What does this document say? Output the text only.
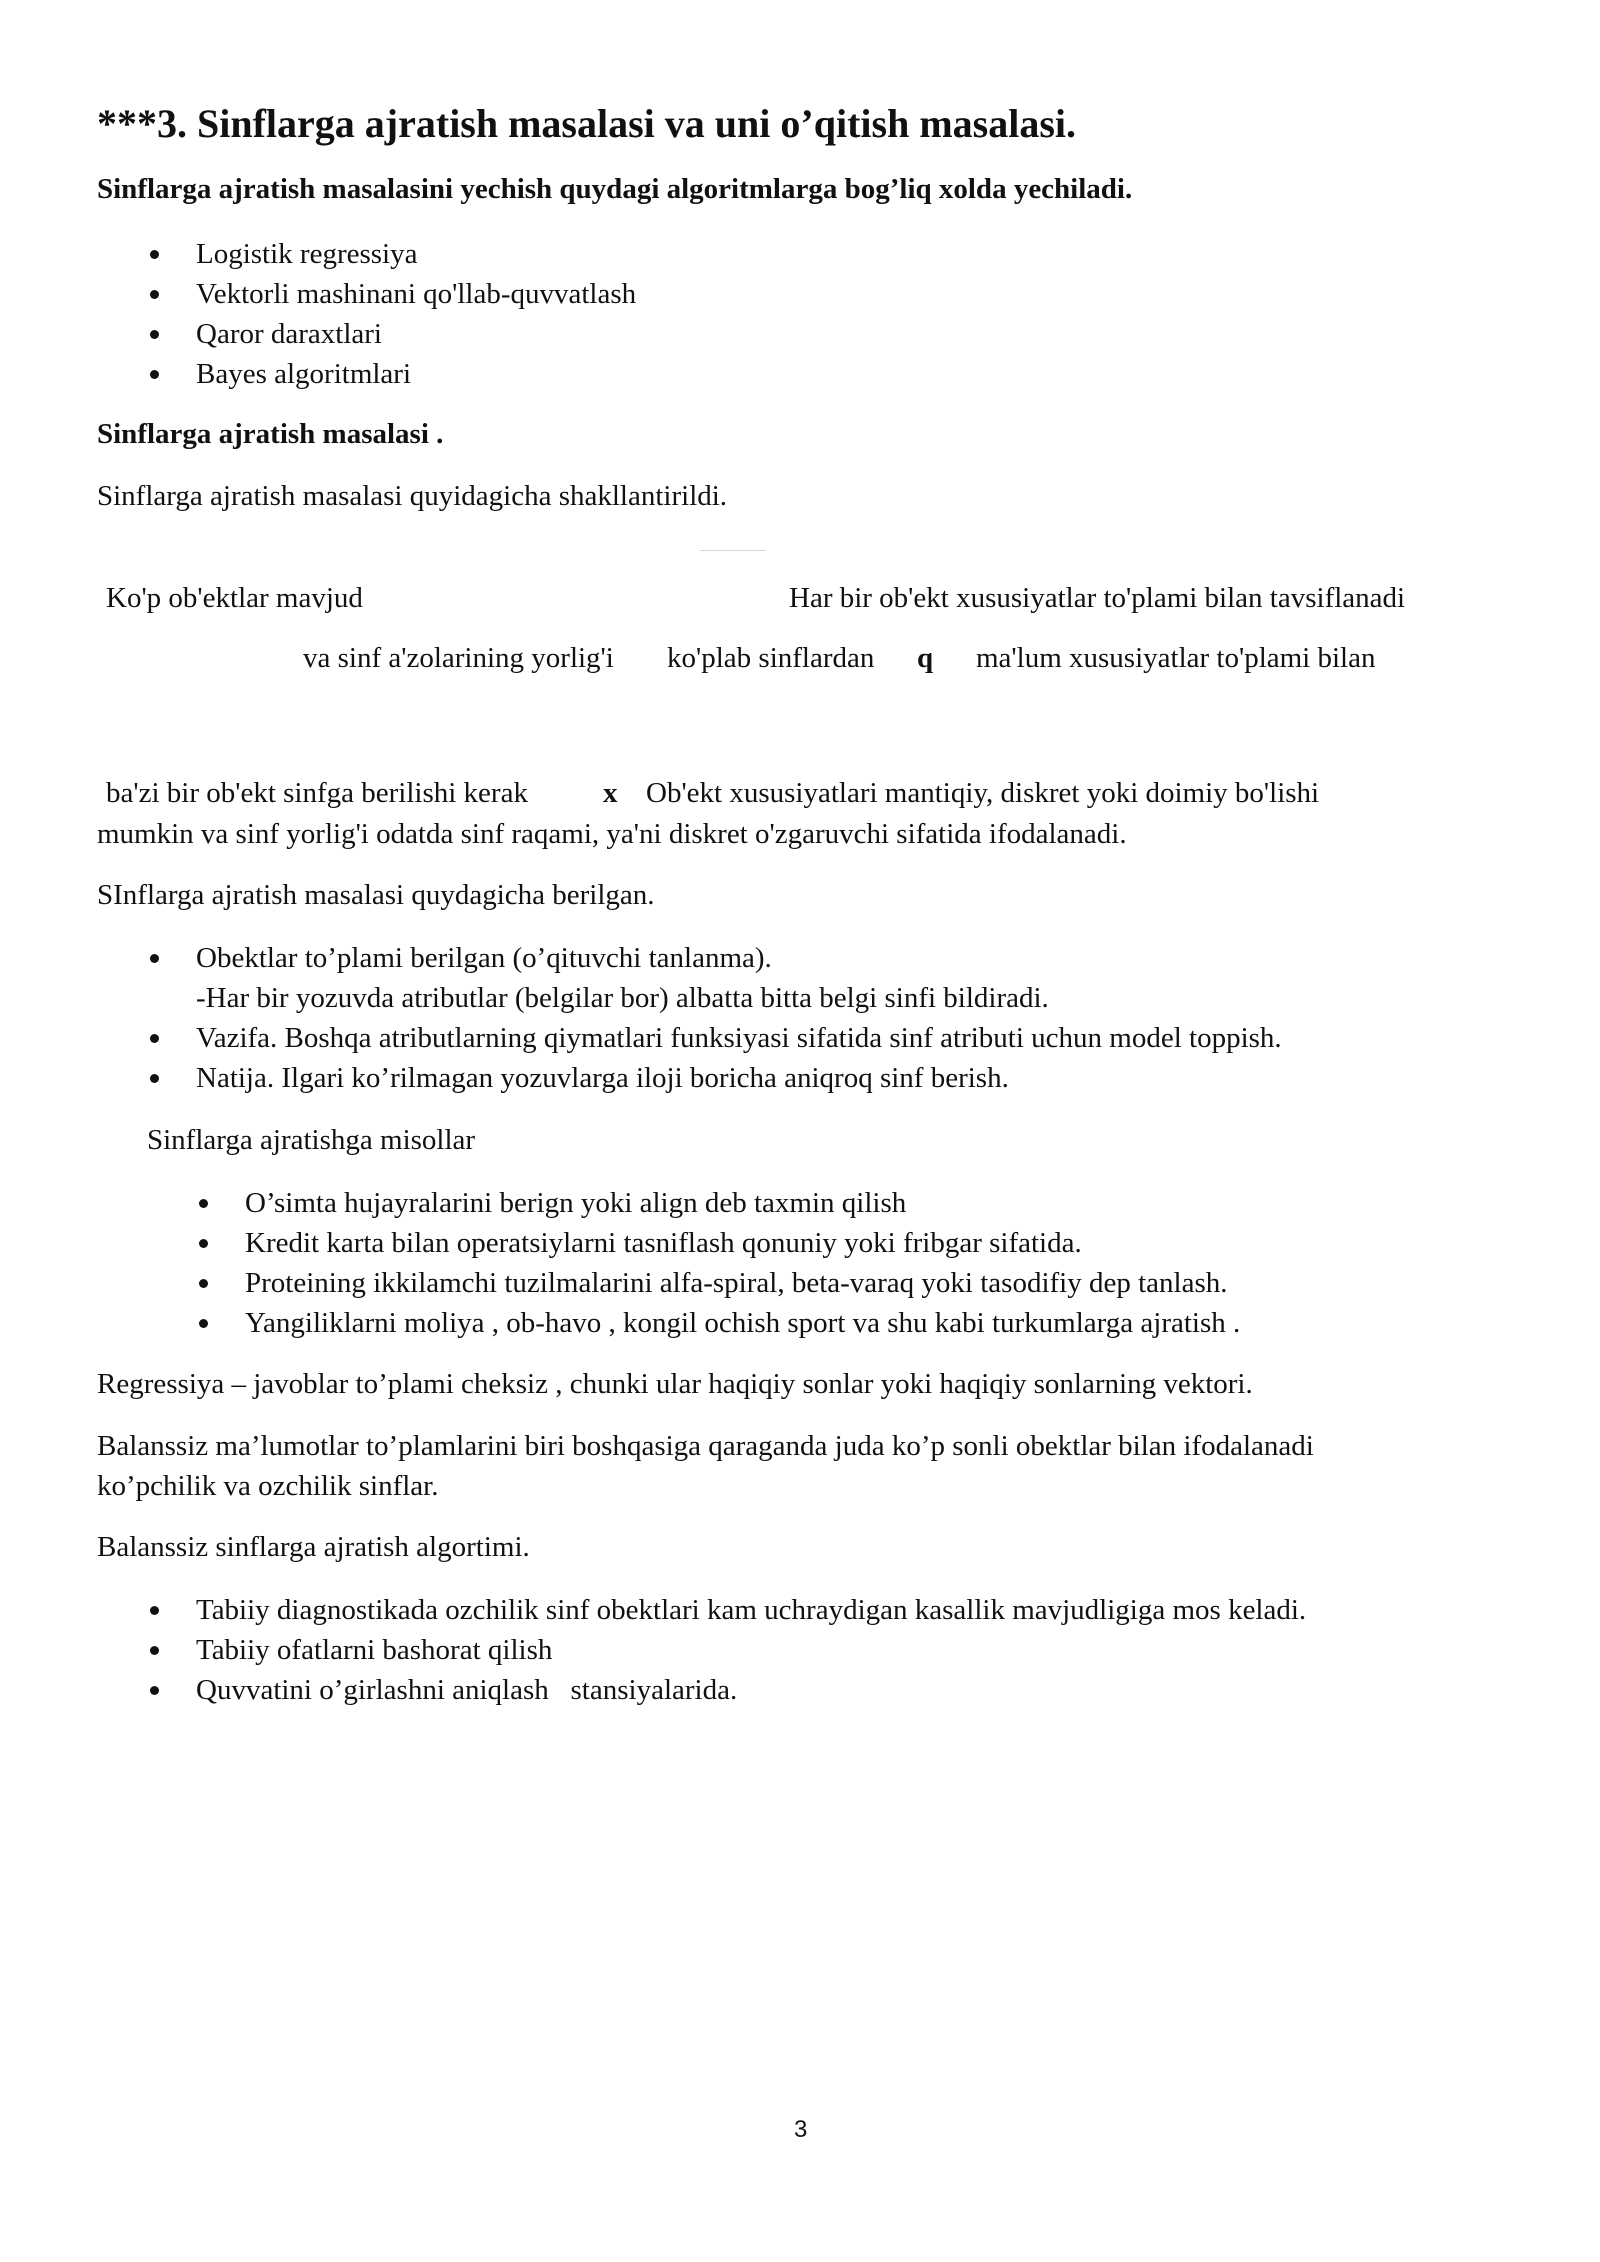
***3. Sinflarga ajratish masalasi va uni o’qitish masalasi.
Sinflarga ajratish masalasini yechish quydagi algoritmlarga bog’liq xolda yechiladi.
Logistik regressiya
Vektorli mashinani qo'llab-quvvatlash
Qaror daraxtlari
Bayes algoritmlari
Sinflarga ajratish masalasi .
Sinflarga ajratish masalasi quyidagicha shakllantirildi.
Ko'p ob'ektlar mavjud	Har bir ob'ekt xususiyatlar to'plami bilan tavsiflanadi
va sinf a'zolarining yorlig'i ko'plab sinflardan q ma'lum xususiyatlar to'plami bilan
ba'zi bir ob'ekt sinfga berilishi kerak	x Ob'ekt xususiyatlari mantiqiy, diskret yoki doimiy bo'lishi
mumkin va sinf yorlig'i odatda sinf raqami, ya'ni diskret o'zgaruvchi sifatida ifodalanadi.
SInflarga ajratish masalasi quydagicha berilgan.
Obektlar to’plami berilgan (o’qituvchi tanlanma).
-Har bir yozuvda atributlar (belgilar bor) albatta bitta belgi sinfi bildiradi.
Vazifa. Boshqa atributlarning qiymatlari funksiyasi sifatida sinf atributi uchun model toppish.
Natija. Ilgari ko’rilmagan yozuvlarga iloji boricha aniqroq sinf berish.
Sinflarga ajratishga misollar
O’simta hujayralarini berign yoki align deb taxmin qilish
Kredit karta bilan operatsiylarni tasniflash qonuniy yoki fribgar sifatida.
Proteining ikkilamchi tuzilmalarini alfa-spiral, beta-varaq yoki tasodifiy dep tanlash.
Yangiliklarni moliya , ob-havo , kongil ochish sport va shu kabi turkumlarga ajratish .
Regressiya – javoblar to’plami cheksiz , chunki ular haqiqiy sonlar yoki haqiqiy sonlarning vektori.
Balanssiz ma’lumotlar to’plamlarini biri boshqasiga qaraganda juda ko’p sonli obektlar bilan ifodalanadi
ko’pchilik va ozchilik sinflar.
Balanssiz sinflarga ajratish algortimi.
Tabiiy diagnostikada ozchilik sinf obektlari kam uchraydigan kasallik mavjudligiga mos keladi.
Tabiiy ofatlarni bashorat qilish
Quvvatini o’girlashni aniqlash   stansiyalarida.
3
